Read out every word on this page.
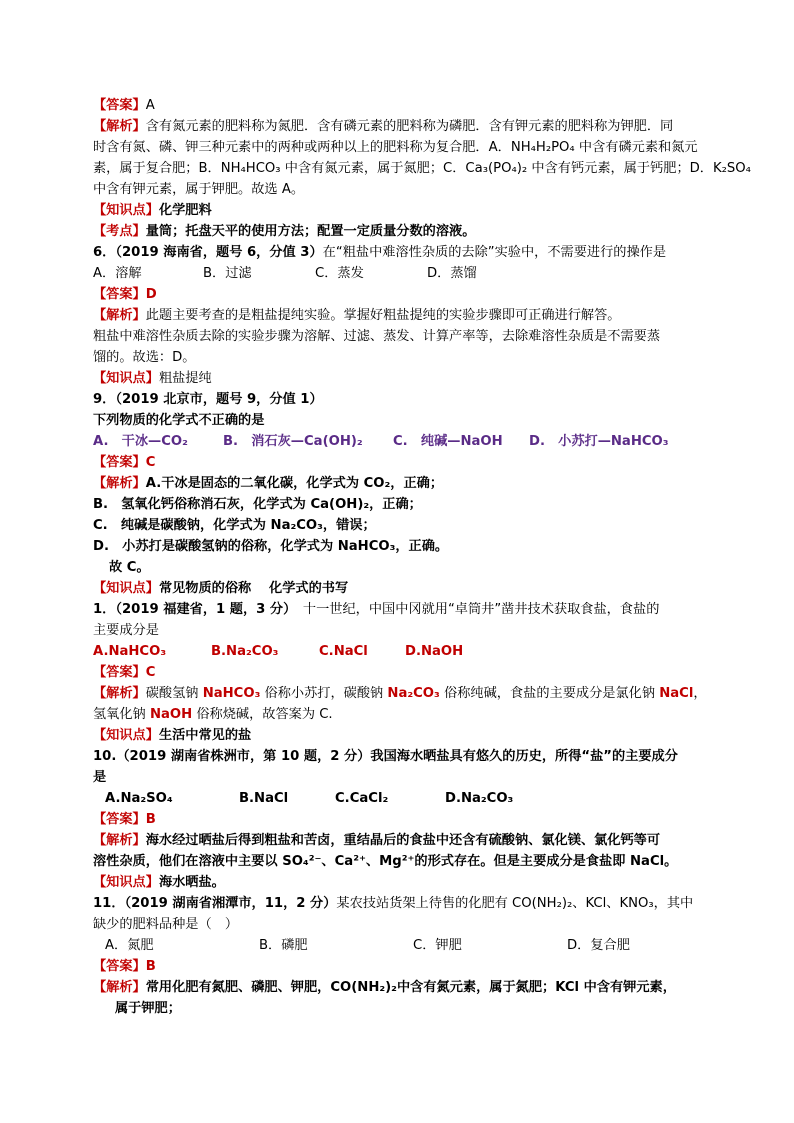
【答案】A
【解析】含有氮元素的肥料称为氮肥．含有磷元素的肥料称为磷肥．含有钾元素的肥料称为钾肥．同
时含有氮、磷、钾三种元素中的两种或两种以上的肥料称为复合肥．A．NH₄H₂PO₄ 中含有磷元素和氮元
素，属于复合肥；B．NH₄HCO₃ 中含有氮元素，属于氮肥；C．Ca₃(PO₄)₂ 中含有钙元素，属于钙肥；D．K₂SO₄
中含有钾元素，属于钾肥。故选 A。
【知识点】化学肥料
【考点】量筒；托盘天平的使用方法；配置一定质量分数的溶液。
6．（2019 海南省，题号 6，分值 3）在“粗盐中难溶性杂质的去除”实验中，不需要进行的操作是
A．溶解	B．过滤	C．蒸发	D．蒸馏
【答案】D
【解析】此题主要考查的是粗盐提纯实验。掌握好粗盐提纯的实验步骤即可正确进行解答。
粗盐中难溶性杂质去除的实验步骤为溶解、过滤、蒸发、计算产率等，去除难溶性杂质是不需要蒸
馏的。故选：D。
【知识点】粗盐提纯
9．（2019 北京市，题号 9，分值 1）
下列物质的化学式不正确的是
A.　干冰—CO₂	B.　消石灰—Ca(OH)₂ C.　纯碱—NaOH D.　小苏打—NaHCO₃
【答案】C
【解析】A.干冰是固态的二氧化碳，化学式为 CO₂，正确；
B.　氢氧化钙俗称消石灰，化学式为 Ca(OH)₂，正确；
C.　纯碱是碳酸钠，化学式为 Na₂CO₃，错误；
D.　小苏打是碳酸氢钠的俗称，化学式为 NaHCO₃，正确。
故 C。
【知识点】常见物质的俗称　 化学式的书写
1．（2019 福建省，1 题，3 分）　十一世纪，中国中冈就用“卓筒井”凿井技术获取食盐，食盐的
主要成分是
A.NaHCO₃	B.Na₂CO₃	C.NaCl	D.NaOH
【答案】C
【解析】碳酸氢钠 NaHCO₃ 俗称小苏打，碳酸钠 Na₂CO₃ 俗称纯碱，食盐的主要成分是氯化钠 NaCl，
氢氧化钠 NaOH 俗称烧碱，故答案为 C.
【知识点】生活中常见的盐
10.（2019 湖南省株洲市，第 10 题，2 分）我国海水晒盐具有悠久的历史，所得“盐”的主要成分
是
A.Na₂SO₄	B.NaCl	C.CaCl₂	D.Na₂CO₃
【答案】B
【解析】海水经过晒盐后得到粗盐和苦卤，重结晶后的食盐中还含有硫酸钠、氯化镁、氯化钙等可
溶性杂质，他们在溶液中主要以 SO₄²⁻、Ca²⁺、Mg²⁺的形式存在。但是主要成分是食盐即 NaCl。
【知识点】海水晒盐。
11．（2019 湖南省湘潭市，11，2 分）某农技站货架上待售的化肥有 CO(NH₂)₂、KCl、KNO₃，其中
缺少的肥料品种是（　）
A．氮肥	B．磷肥	C．钾肥	D．复合肥
【答案】B
【解析】常用化肥有氮肥、磷肥、钾肥，CO(NH₂)₂中含有氮元素，属于氮肥；KCl 中含有钾元素，
属于钾肥；
